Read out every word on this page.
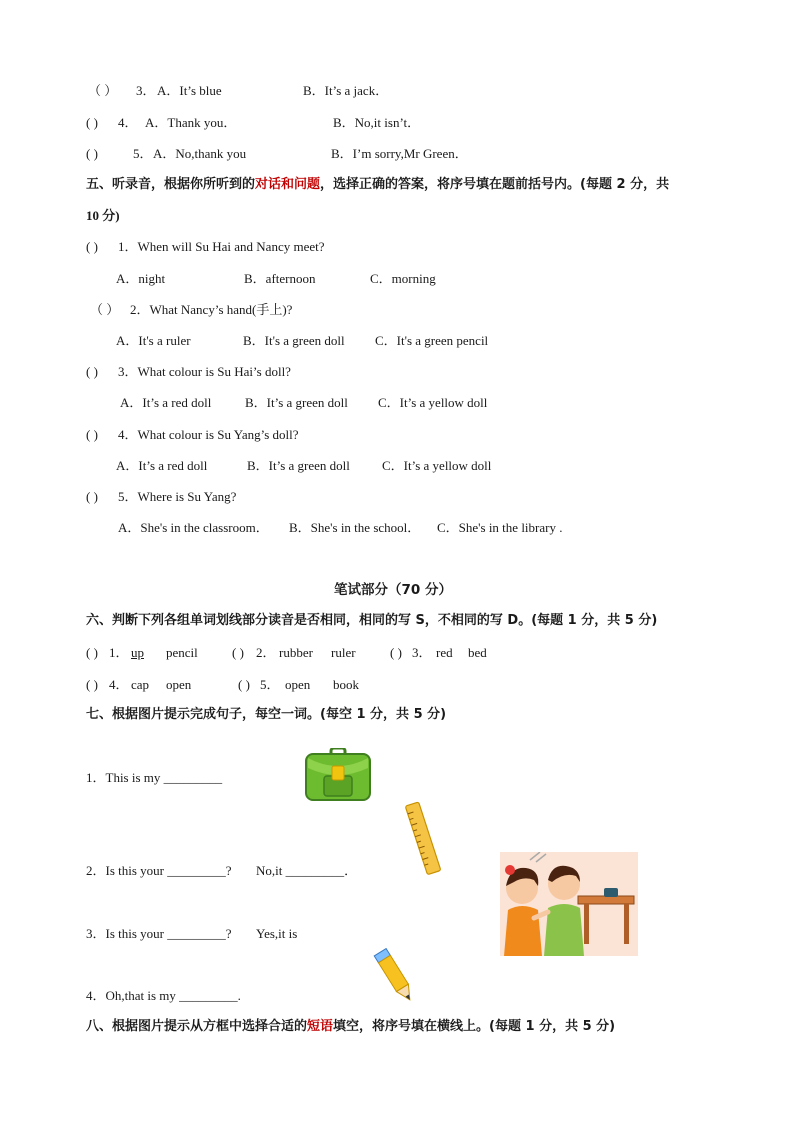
（ ） 3． A．It’s blue	B．It’s a jack．
( ) 4． A．Thank you．	B．No,it isn’t．
( )	5． A．No,thank you	B．I’m sorry,Mr Green．
五、听录音，根据你所听到的对话和问题，选择正确的答案，将序号填在题前括号内。(每题 2 分，共
10 分)
( ) 1．When will Su Hai and Nancy meet?
A．night	B．afternoon	C．morning
（ ） 2．What Nancy’s hand(手上)?
A．It's a ruler	B．It's a green doll C．It's a green pencil
( ) 3．What colour is Su Hai’s doll?
A．It’s a red doll	B．It’s a green doll C．It’s a yellow doll
( ) 4．What colour is Su Yang’s doll?
A．It’s a red doll	B．It’s a green doll C．It’s a yellow doll
( ) 5．Where is Su Yang?
A．She's in the classroom． B．She's in the school． C．She's in the library .
笔试部分（70 分）
六、判断下列各组单词划线部分读音是否相同，相同的写 S，不相同的写 D。(每题 1 分，共 5 分)
( ) 1． up pencil	( ) 2． rubber ruler	( ) 3． red bed
( ) 4． cap open	( ) 5． open book
七、根据图片提示完成句子，每空一词。(每空 1 分，共 5 分)
1．This is my _________
2．Is this your _________? No,it _________．
3．Is this your _________? Yes,it is
4．Oh,that is my _________.
八、根据图片提示从方框中选择合适的短语填空，将序号填在横线上。(每题 1 分，共 5 分)
